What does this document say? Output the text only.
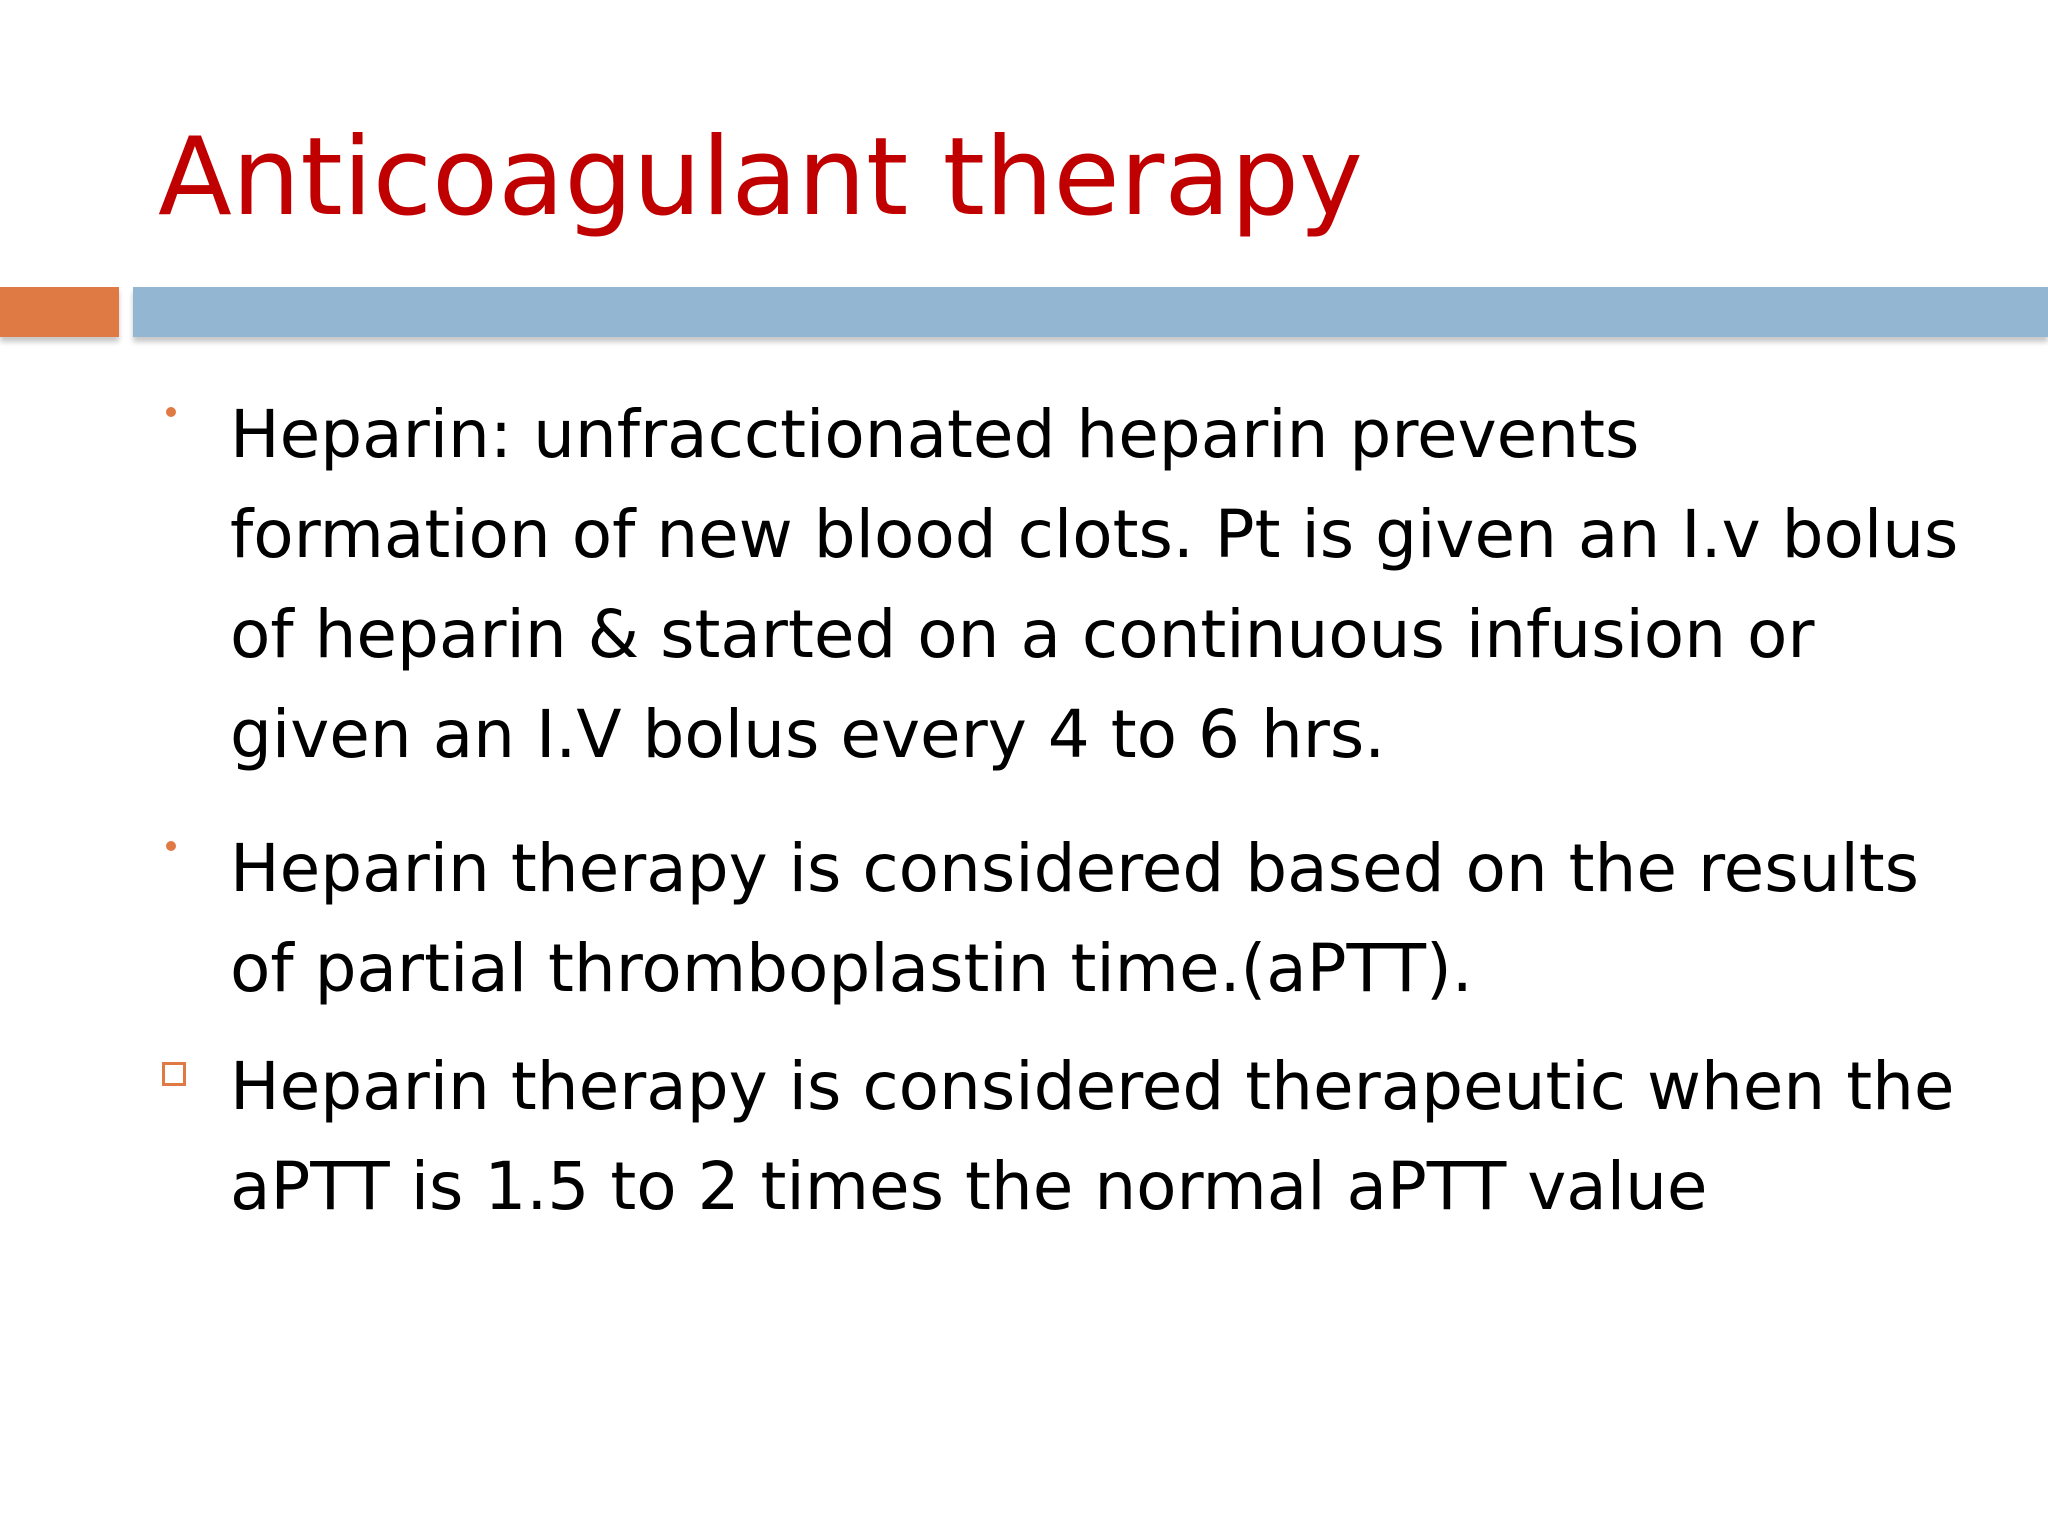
Anticoagulant therapy
Heparin: unfracctionated heparin prevents formation of new blood clots. Pt is given an I.v bolus of heparin & started on a continuous infusion or given an I.V bolus every 4 to 6 hrs.
Heparin therapy is considered based on the results of partial thromboplastin time.(aPTT).
Heparin therapy is considered therapeutic when the aPTT is 1.5 to 2 times the normal aPTT value
